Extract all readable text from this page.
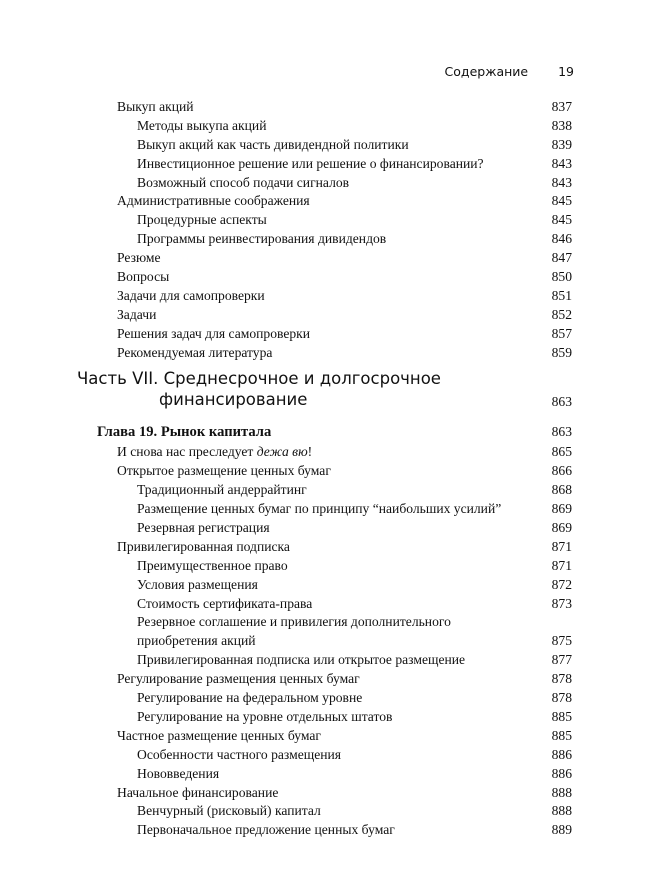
Содержание 19
Выкуп акций	837
Методы выкупа акций	838
Выкуп акций как часть дивидендной политики	839
Инвестиционное решение или решение о финансировании?	843
Возможный способ подачи сигналов	843
Административные соображения	845
Процедурные аспекты	845
Программы реинвестирования дивидендов	846
Резюме	847
Вопросы	850
Задачи для самопроверки	851
Задачи	852
Решения задач для самопроверки	857
Рекомендуемая литература	859
Часть VII. Среднесрочное и долгосрочное
финансирование	863
Глава 19. Рынок капитала	863
И снова нас преследует дежа вю!	865
Открытое размещение ценных бумаг	866
Традиционный андеррайтинг	868
Размещение ценных бумаг по принципу “наибольших усилий”	869
Резервная регистрация	869
Привилегированная подписка	871
Преимущественное право	871
Условия размещения	872
Стоимость сертификата-права	873
Резервное соглашение и привилегия дополнительного приобретения акций	875
Привилегированная подписка или открытое размещение	877
Регулирование размещения ценных бумаг	878
Регулирование на федеральном уровне	878
Регулирование на уровне отдельных штатов	885
Частное размещение ценных бумаг	885
Особенности частного размещения	886
Нововведения	886
Начальное финансирование	888
Венчурный (рисковый) капитал	888
Первоначальное предложение ценных бумаг	889
